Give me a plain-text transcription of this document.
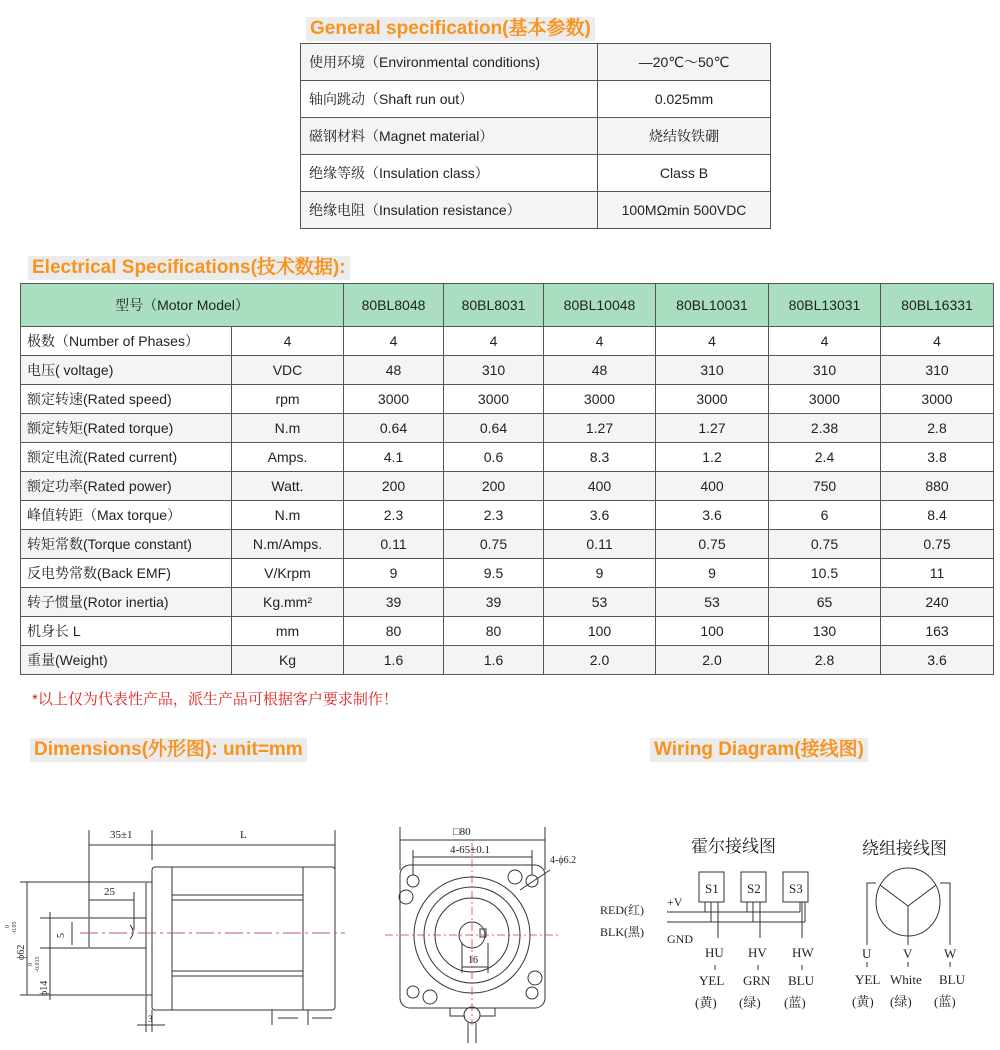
General specification(基本参数)
使用环境（Environmental conditions)	—20℃～50℃
轴向跳动（Shaft run out）	0.025mm
磁钢材料（Magnet material）	烧结钕铁硼
绝缘等级（Insulation class）	Class B
绝缘电阻（Insulation resistance）	100MΩmin 500VDC
Electrical Specifications(技术数据):
型号（Motor Model）		80BL8048	80BL8031	80BL10048	80BL10031	80BL13031	80BL16331
极数（Number of Phases）	4	4	4	4	4	4	4
电压( voltage)	VDC	48	310	48	310	310	310
额定转速(Rated speed)	rpm	3000	3000	3000	3000	3000	3000
额定转矩(Rated torque)	N.m	0.64	0.64	1.27	1.27	2.38	2.8
额定电流(Rated current)	Amps.	4.1	0.6	8.3	1.2	2.4	3.8
额定功率(Rated power)	Watt.	200	200	400	400	750	880
峰值转距（Max torque）	N.m	2.3	2.3	3.6	3.6	6	8.4
转矩常数(Torque constant)	N.m/Amps.	0.11	0.75	0.11	0.75	0.75	0.75
反电势常数(Back EMF)	V/Krpm	9	9.5	9	9	10.5	11
转子惯量(Rotor inertia)	Kg.mm²	39	39	53	53	65	240
机身长 L	mm	80	80	100	100	130	163
重量(Weight)	Kg	1.6	1.6	2.0	2.0	2.8	3.6
*以上仅为代表性产品，派生产品可根据客户要求制作！
Dimensions(外形图): unit=mm
35±1	L
25
5
ϕ62
-0.05
0
ϕ14
-0.015
0
3
□80
4-65±0.1
4-ϕ6.2
16
Wiring Diagram(接线图)
霍尔接线图
S1 S2 S3
+V
GND
RED(红)
BLK(黑)
HU HV HW
YEL GRN BLU
(黄) (绿) (蓝)
绕组接线图
U V W
YEL White BLU
(黄) (绿) (蓝)
